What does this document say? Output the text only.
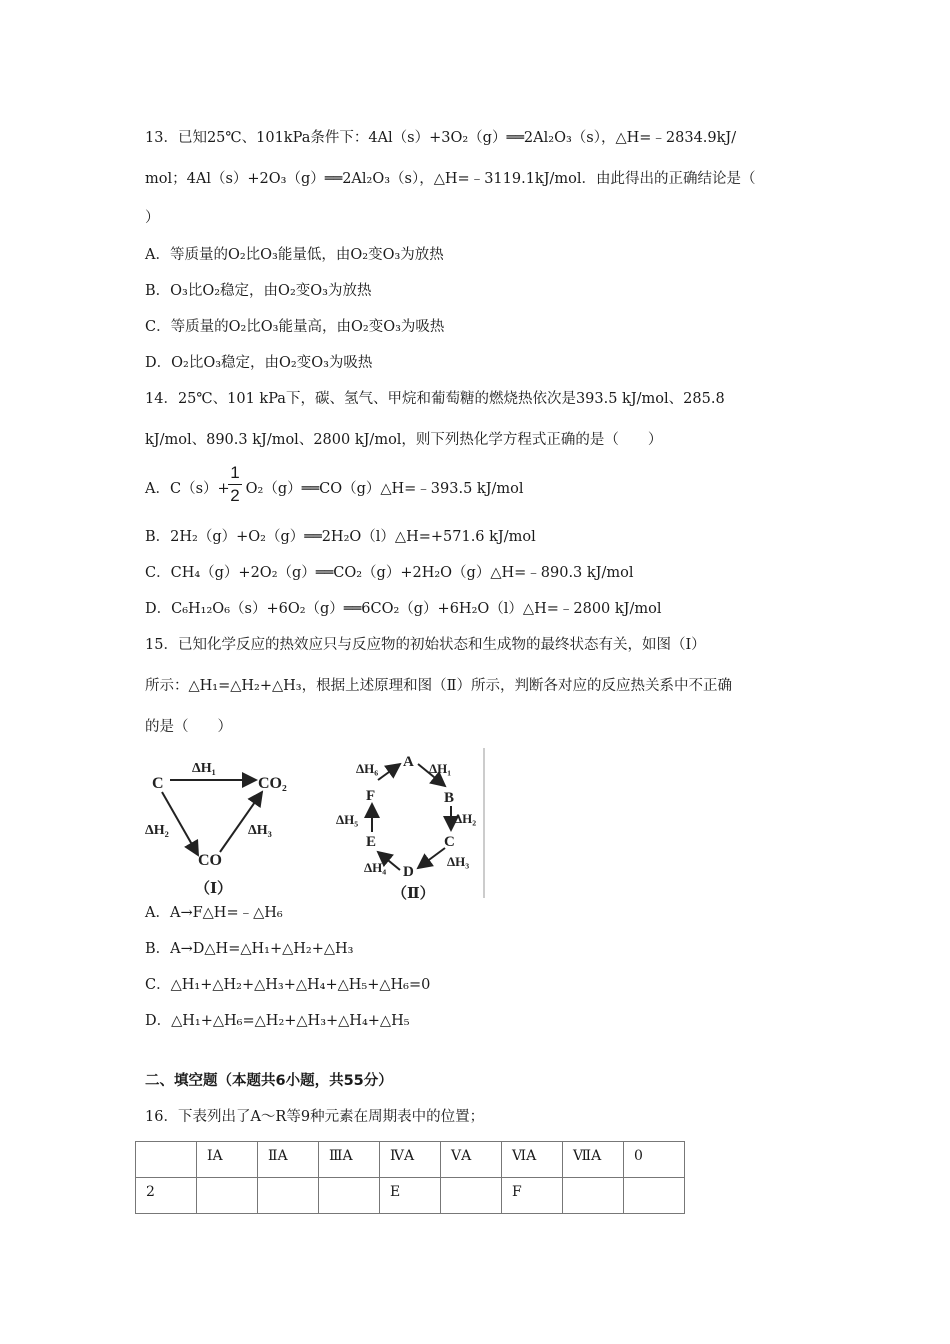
13．已知25℃、101kPa条件下：4Al（s）+3O₂（g）══2Al₂O₃（s），△H=﹣2834.9kJ/
mol；4Al（s）+2O₃（g）══2Al₂O₃（s），△H=﹣3119.1kJ/mol．由此得出的正确结论是（
）
A．等质量的O₂比O₃能量低，由O₂变O₃为放热
B．O₃比O₂稳定，由O₂变O₃为放热
C．等质量的O₂比O₃能量高，由O₂变O₃为吸热
D．O₂比O₃稳定，由O₂变O₃为吸热
14．25℃、101 kPa下，碳、氢气、甲烷和葡萄糖的燃烧热依次是393.5 kJ/mol、285.8
kJ/mol、890.3 kJ/mol、2800 kJ/mol，则下列热化学方程式正确的是（　　）
A．C（s）+ O₂（g）══CO（g）△H=﹣393.5 kJ/mol
1
2
B．2H₂（g）+O₂（g）══2H₂O（l）△H=+571.6 kJ/mol
C．CH₄（g）+2O₂（g）══CO₂（g）+2H₂O（g）△H=﹣890.3 kJ/mol
D．C₆H₁₂O₆（s）+6O₂（g）══6CO₂（g）+6H₂O（l）△H=﹣2800 kJ/mol
15．已知化学反应的热效应只与反应物的初始状态和生成物的最终状态有关，如图（Ⅰ）
所示：△H₁=△H₂+△H₃，根据上述原理和图（Ⅱ）所示，判断各对应的反应热关系中不正确
的是（　　）
C	CO₂
CO
ΔH₁
ΔH₂	ΔH₃
（Ⅰ）
A
B
C
D
E
F
ΔH₆	ΔH₁
ΔH₂
ΔH₃
ΔH₄
ΔH₅
（Ⅱ）
A．A→F△H=﹣△H₆
B．A→D△H=△H₁+△H₂+△H₃
C．△H₁+△H₂+△H₃+△H₄+△H₅+△H₆=0
D．△H₁+△H₆=△H₂+△H₃+△H₄+△H₅
二、填空题（本题共6小题，共55分）
16．下表列出了A～R等9种元素在周期表中的位置；
	ⅠA	ⅡA	ⅢA	ⅣA	ⅤA	ⅥA	ⅦA	0
2				E		F		
